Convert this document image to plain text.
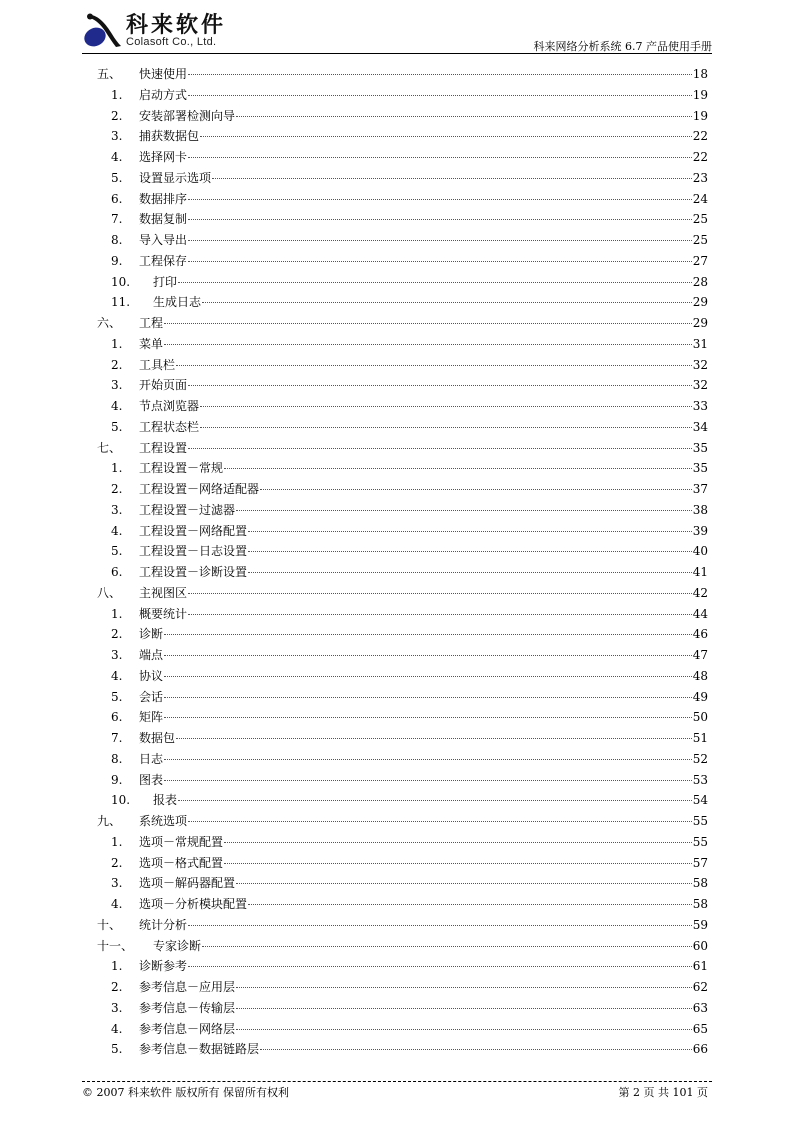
科来软件
Colasoft Co., Ltd.	科来网络分析系统 6.7 产品使用手册
五、 快速使用	18
1. 启动方式	19
2. 安装部署检测向导	19
3. 捕获数据包	22
4. 选择网卡	22
5. 设置显示选项	23
6. 数据排序	24
7. 数据复制	25
8. 导入导出	25
9. 工程保存	27
10. 打印	28
11. 生成日志	29
六、 工程	29
1. 菜单	31
2. 工具栏	32
3. 开始页面	32
4. 节点浏览器	33
5. 工程状态栏	34
七、 工程设置	35
1. 工程设置－常规	35
2. 工程设置－网络适配器	37
3. 工程设置－过滤器	38
4. 工程设置－网络配置	39
5. 工程设置－日志设置	40
6. 工程设置－诊断设置	41
八、 主视图区	42
1. 概要统计	44
2. 诊断	46
3. 端点	47
4. 协议	48
5. 会话	49
6. 矩阵	50
7. 数据包	51
8. 日志	52
9. 图表	53
10. 报表	54
九、 系统选项	55
1. 选项－常规配置	55
2. 选项－格式配置	57
3. 选项－解码器配置	58
4. 选项－分析模块配置	58
十、 统计分析	59
十一、 专家诊断	60
1. 诊断参考	61
2. 参考信息－应用层	62
3. 参考信息－传输层	63
4. 参考信息－网络层	65
5. 参考信息－数据链路层	66
© 2007 科来软件 版权所有 保留所有权利	第 2 页 共 101 页
